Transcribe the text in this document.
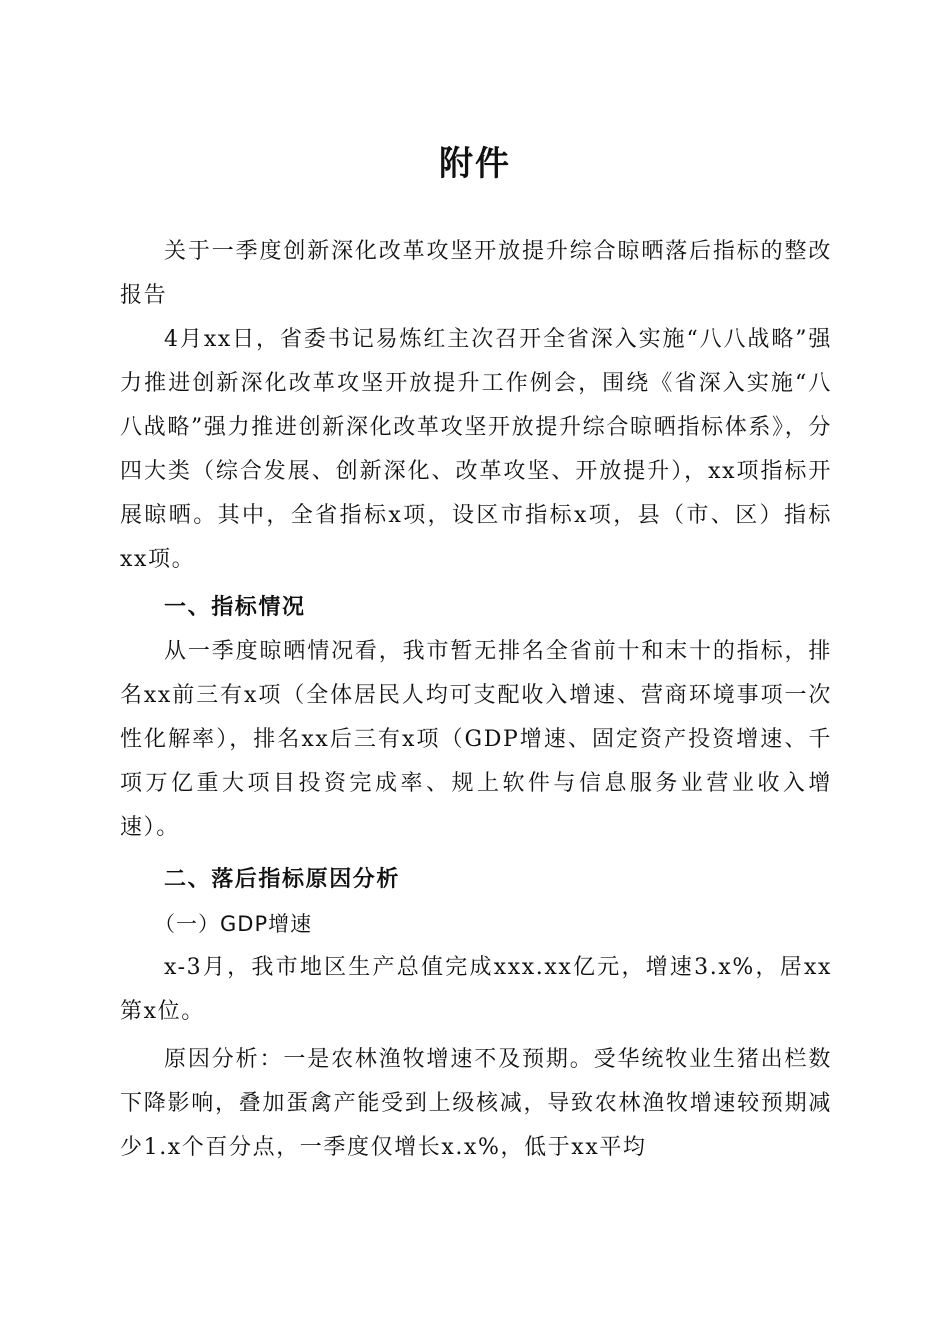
附件

关于一季度创新深化改革攻坚开放提升综合晾晒落后指标的整改报告

4月xx日，省委书记易炼红主次召开全省深入实施“八八战略”强力推进创新深化改革攻坚开放提升工作例会，围绕《省深入实施“八八战略”强力推进创新深化改革攻坚开放提升综合晾晒指标体系》，分四大类（综合发展、创新深化、改革攻坚、开放提升），xx项指标开展晾晒。其中，全省指标x项，设区市指标x项，县（市、区）指标xx项。

一、指标情况

从一季度晾晒情况看，我市暂无排名全省前十和末十的指标，排名xx前三有x项（全体居民人均可支配收入增速、营商环境事项一次性化解率），排名xx后三有x项（GDP增速、固定资产投资增速、千项万亿重大项目投资完成率、规上软件与信息服务业营业收入增速）。

二、落后指标原因分析
（一）GDP增速

x-3月，我市地区生产总值完成xxx.xx亿元，增速3.x%，居xx第x位。

原因分析：一是农林渔牧增速不及预期。受华统牧业生猪出栏数下降影响，叠加蛋禽产能受到上级核减，导致农林渔牧增速较预期减少1.x个百分点，一季度仅增长x.x%，低于xx平均
